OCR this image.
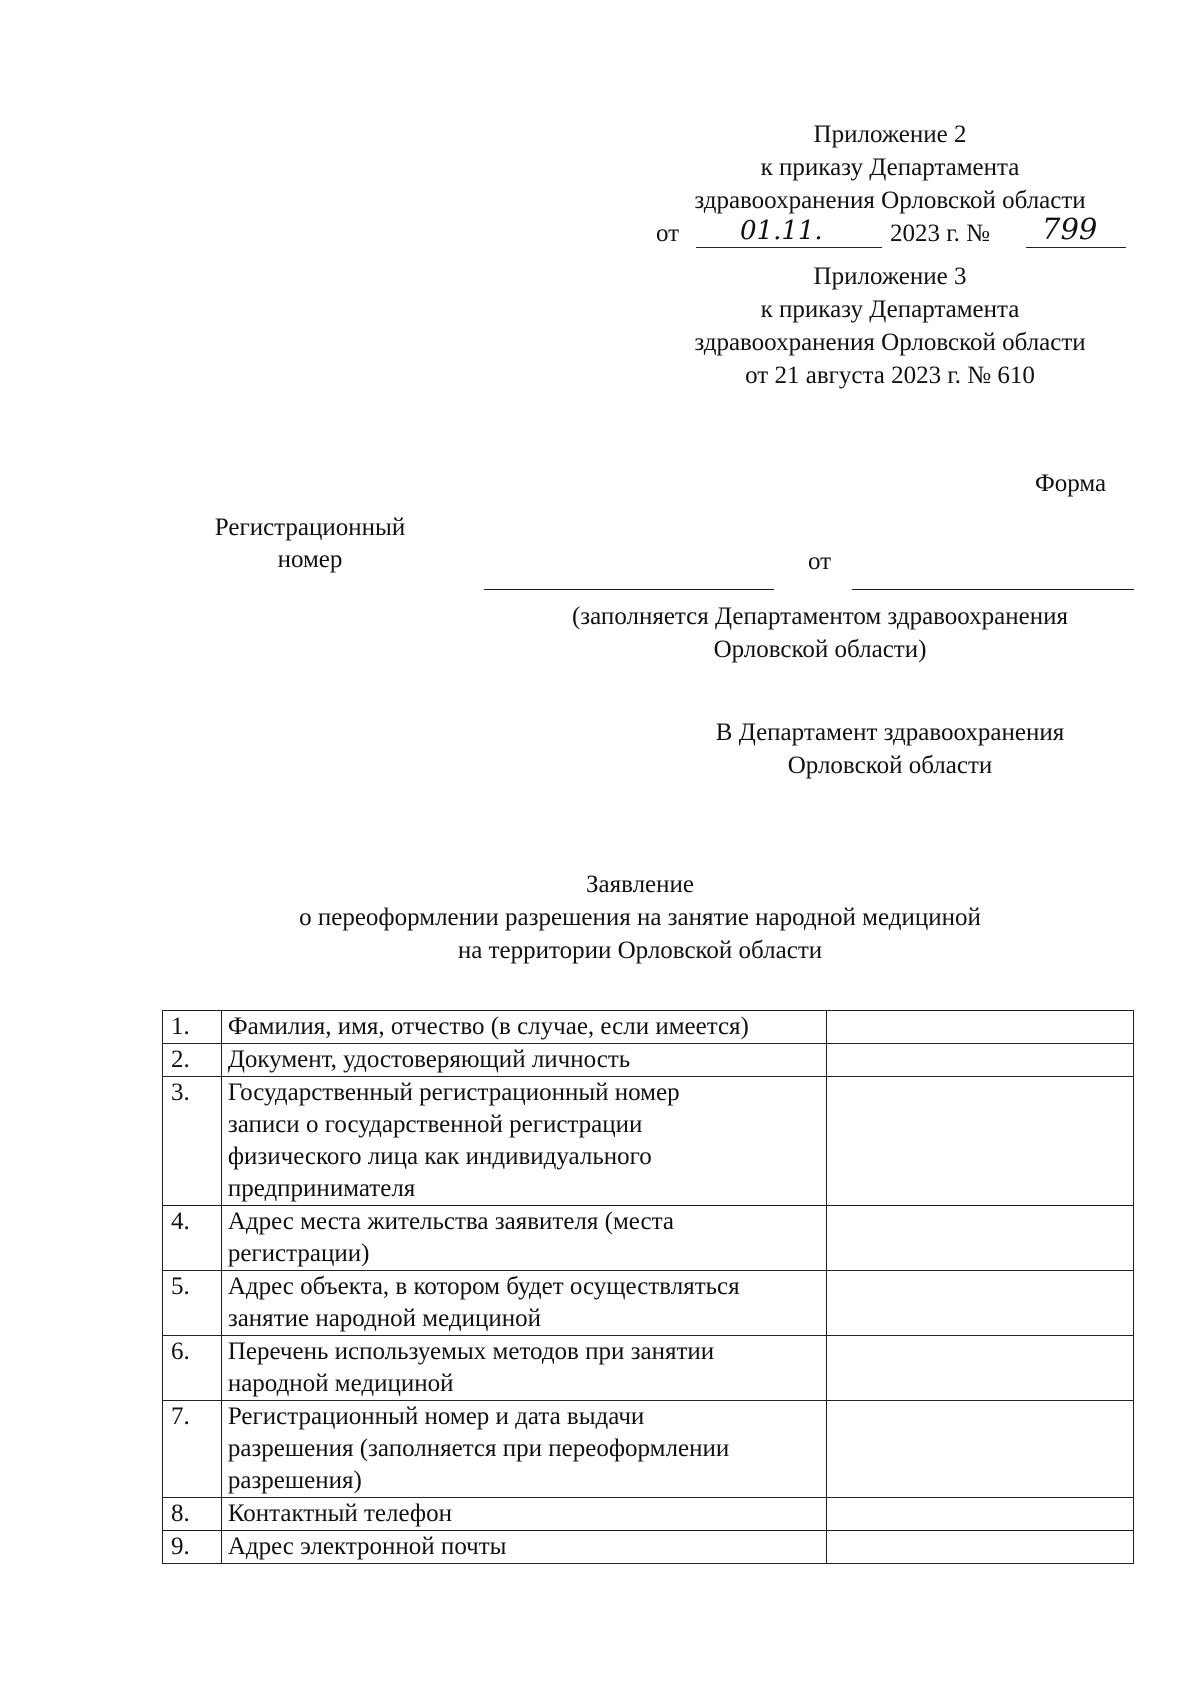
Приложение 2
к приказу Департамента
здравоохранения Орловской области
от 01.11.	2023 г. № 799
Приложение 3
к приказу Департамента
здравоохранения Орловской области
от 21 августа 2023 г. № 610
Форма
Регистрационный
номер	от
(заполняется Департаментом здравоохранения
Орловской области)
В Департамент здравоохранения
Орловской области
Заявление
о переоформлении разрешения на занятие народной медициной
на территории Орловской области
1.	Фамилия, имя, отчество (в случае, если имеется)	

2.	Документ, удостоверяющий личность	

3.	Государственный регистрационный номер
записи о государственной регистрации
физического лица как индивидуального
предпринимателя	

4.	Адрес места жительства заявителя (места
регистрации)	

5.	Адрес объекта, в котором будет осуществляться
занятие народной медициной	

6.	Перечень используемых методов при занятии
народной медициной	

7.	Регистрационный номер и дата выдачи
разрешения (заполняется при переоформлении
разрешения)	

8.	Контактный телефон	

9.	Адрес электронной почты	
